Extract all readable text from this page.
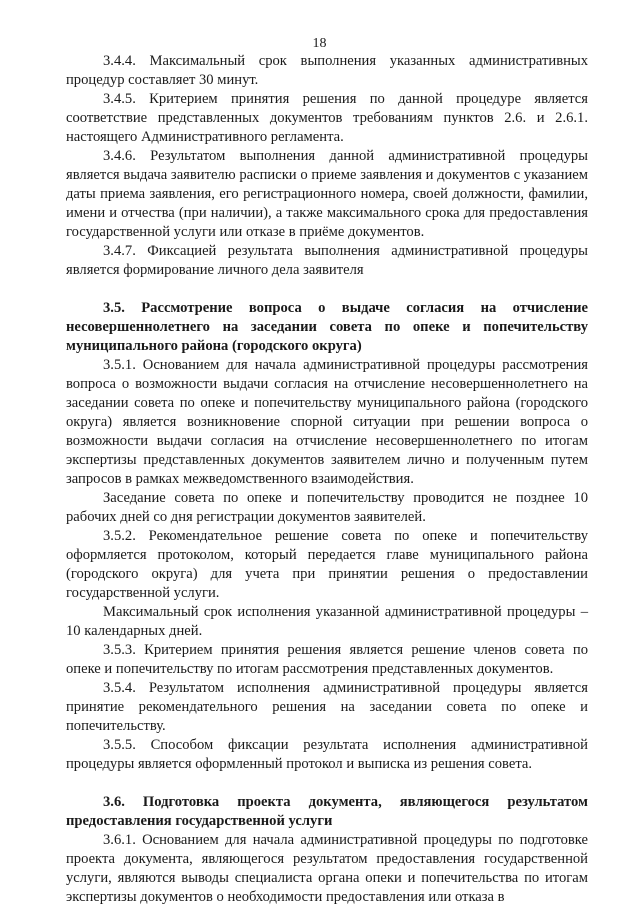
18

3.4.4. Максимальный срок выполнения указанных административных процедур составляет 30 минут.

3.4.5. Критерием принятия решения по данной процедуре является соответствие представленных документов требованиям пунктов 2.6. и 2.6.1. настоящего Административного регламента.

3.4.6. Результатом выполнения данной административной процедуры является выдача заявителю расписки о приеме заявления и документов с указанием даты приема заявления, его регистрационного номера, своей должности, фамилии, имени и отчества (при наличии), а также максимального срока для предоставления государственной услуги или отказе в приёме документов.

3.4.7. Фиксацией результата выполнения административной процедуры является формирование личного дела заявителя

3.5. Рассмотрение вопроса о выдаче согласия на отчисление несовершеннолетнего на заседании совета по опеке и попечительству муниципального района (городского округа)

3.5.1. Основанием для начала административной процедуры рассмотрения вопроса о возможности выдачи согласия на отчисление несовершеннолетнего на заседании совета по опеке и попечительству муниципального района (городского округа) является возникновение спорной ситуации при решении вопроса о возможности выдачи согласия на отчисление несовершеннолетнего по итогам экспертизы представленных документов заявителем лично и полученным путем запросов в рамках межведомственного взаимодействия.

Заседание совета по опеке и попечительству проводится не позднее 10 рабочих дней со дня регистрации документов заявителей.

3.5.2. Рекомендательное решение совета по опеке и попечительству оформляется протоколом, который передается главе муниципального района (городского округа) для учета при принятии решения о предоставлении государственной услуги.

Максимальный срок исполнения указанной административной процедуры – 10 календарных дней.

3.5.3. Критерием принятия решения является решение членов совета по опеке и попечительству по итогам рассмотрения представленных документов.

3.5.4. Результатом исполнения административной процедуры является принятие рекомендательного решения на заседании совета по опеке и попечительству.

3.5.5. Способом фиксации результата исполнения административной процедуры является оформленный протокол и выписка из решения совета.

3.6. Подготовка проекта документа, являющегося результатом предоставления государственной услуги

3.6.1. Основанием для начала административной процедуры по подготовке проекта документа, являющегося результатом предоставления государственной услуги, являются выводы специалиста органа опеки и попечительства по итогам экспертизы документов о необходимости предоставления или отказа в
